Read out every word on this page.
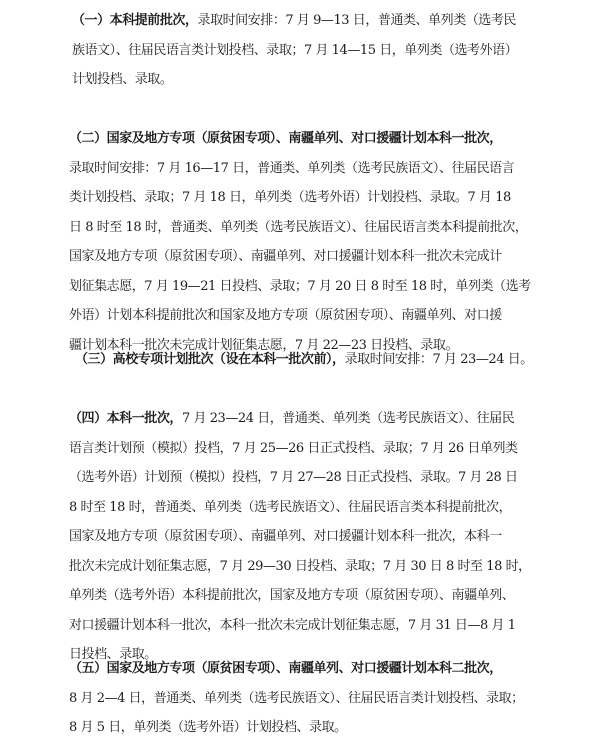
（一）本科提前批次，录取时间安排：7 月 9—13 日，普通类、单列类（选考民
族语文）、往届民语言类计划投档、录取；7 月 14—15 日，单列类（选考外语）
计划投档、录取。
（二）国家及地方专项（原贫困专项）、南疆单列、对口援疆计划本科一批次，
录取时间安排：7 月 16—17 日，普通类、单列类（选考民族语文）、往届民语言
类计划投档、录取；7 月 18 日，单列类（选考外语）计划投档、录取。7 月 18
日 8 时至 18 时，普通类、单列类（选考民族语文）、往届民语言类本科提前批次，
国家及地方专项（原贫困专项）、南疆单列、对口援疆计划本科一批次未完成计
划征集志愿，7 月 19—21 日投档、录取；7 月 20 日 8 时至 18 时，单列类（选考
外语）计划本科提前批次和国家及地方专项（原贫困专项）、南疆单列、对口援
疆计划本科一批次未完成计划征集志愿，7 月 22—23 日投档、录取。
（三）高校专项计划批次（设在本科一批次前），录取时间安排：7 月 23—24 日。
（四）本科一批次，7 月 23—24 日，普通类、单列类（选考民族语文）、往届民
语言类计划预（模拟）投档，7 月 25—26 日正式投档、录取；7 月 26 日单列类
（选考外语）计划预（模拟）投档，7 月 27—28 日正式投档、录取。7 月 28 日
8 时至 18 时，普通类、单列类（选考民族语文）、往届民语言类本科提前批次，
国家及地方专项（原贫困专项）、南疆单列、对口援疆计划本科一批次，本科一
批次未完成计划征集志愿，7 月 29—30 日投档、录取；7 月 30 日 8 时至 18 时，
单列类（选考外语）本科提前批次，国家及地方专项（原贫困专项）、南疆单列、
对口援疆计划本科一批次，本科一批次未完成计划征集志愿，7 月 31 日—8 月 1
日投档、录取。
（五）国家及地方专项（原贫困专项）、南疆单列、对口援疆计划本科二批次，
8 月 2—4 日，普通类、单列类（选考民族语文）、往届民语言类计划投档、录取；
8 月 5 日，单列类（选考外语）计划投档、录取。
